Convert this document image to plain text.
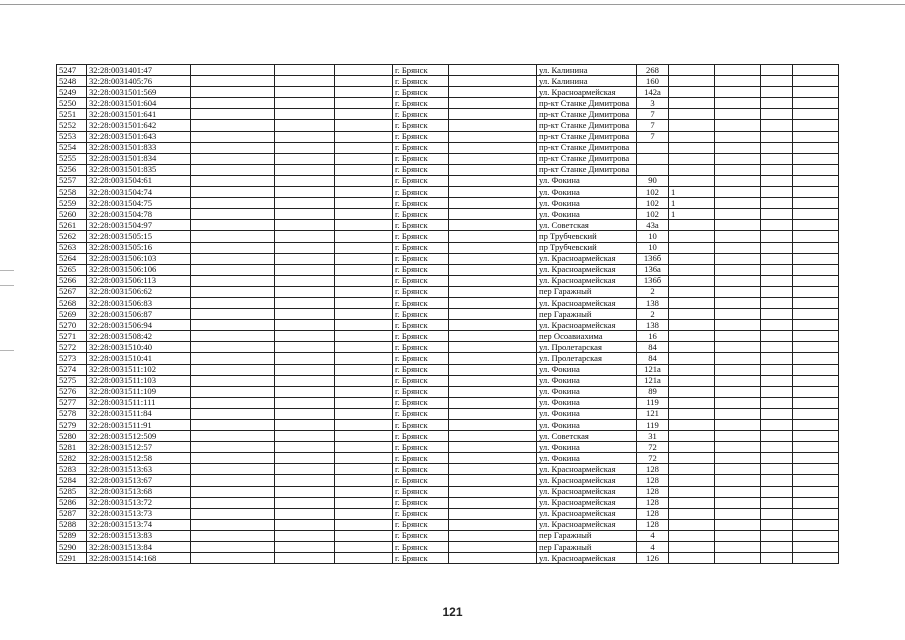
5247	32:28:0031401:47				г. Брянск		ул. Калинина	268				
5248	32:28:0031405:76				г. Брянск		ул. Калинина	160				
5249	32:28:0031501:569				г. Брянск		ул. Красноармейская	142а				
5250	32:28:0031501:604				г. Брянск		пр-кт Станке Димитрова	3				
5251	32:28:0031501:641				г. Брянск		пр-кт Станке Димитрова	7				
5252	32:28:0031501:642				г. Брянск		пр-кт Станке Димитрова	7				
5253	32:28:0031501:643				г. Брянск		пр-кт Станке Димитрова	7				
5254	32:28:0031501:833				г. Брянск		пр-кт Станке Димитрова					
5255	32:28:0031501:834				г. Брянск		пр-кт Станке Димитрова					
5256	32:28:0031501:835				г. Брянск		пр-кт Станке Димитрова					
5257	32:28:0031504:61				г. Брянск		ул. Фокина	90				
5258	32:28:0031504:74				г. Брянск		ул. Фокина	102	1			
5259	32:28:0031504:75				г. Брянск		ул. Фокина	102	1			
5260	32:28:0031504:78				г. Брянск		ул. Фокина	102	1			
5261	32:28:0031504:97				г. Брянск		ул. Советская	43а				
5262	32:28:0031505:15				г. Брянск		пр Трубчевский	10				
5263	32:28:0031505:16				г. Брянск		пр Трубчевский	10				
5264	32:28:0031506:103				г. Брянск		ул. Красноармейская	136б				
5265	32:28:0031506:106				г. Брянск		ул. Красноармейская	136а				
5266	32:28:0031506:113				г. Брянск		ул. Красноармейская	136б				
5267	32:28:0031506:62				г. Брянск		пер Гаражный	2				
5268	32:28:0031506:83				г. Брянск		ул. Красноармейская	138				
5269	32:28:0031506:87				г. Брянск		пер Гаражный	2				
5270	32:28:0031506:94				г. Брянск		ул. Красноармейская	138				
5271	32:28:0031508:42				г. Брянск		пер Осоавиахима	16				
5272	32:28:0031510:40				г. Брянск		ул. Пролетарская	84				
5273	32:28:0031510:41				г. Брянск		ул. Пролетарская	84				
5274	32:28:0031511:102				г. Брянск		ул. Фокина	121а				
5275	32:28:0031511:103				г. Брянск		ул. Фокина	121а				
5276	32:28:0031511:109				г. Брянск		ул. Фокина	89				
5277	32:28:0031511:111				г. Брянск		ул. Фокина	119				
5278	32:28:0031511:84				г. Брянск		ул. Фокина	121				
5279	32:28:0031511:91				г. Брянск		ул. Фокина	119				
5280	32:28:0031512:509				г. Брянск		ул. Советская	31				
5281	32:28:0031512:57				г. Брянск		ул. Фокина	72				
5282	32:28:0031512:58				г. Брянск		ул. Фокина	72				
5283	32:28:0031513:63				г. Брянск		ул. Красноармейская	128				
5284	32:28:0031513:67				г. Брянск		ул. Красноармейская	128				
5285	32:28:0031513:68				г. Брянск		ул. Красноармейская	128				
5286	32:28:0031513:72				г. Брянск		ул. Красноармейская	128				
5287	32:28:0031513:73				г. Брянск		ул. Красноармейская	128				
5288	32:28:0031513:74				г. Брянск		ул. Красноармейская	128				
5289	32:28:0031513:83				г. Брянск		пер Гаражный	4				
5290	32:28:0031513:84				г. Брянск		пер Гаражный	4				
5291	32:28:0031514:168				г. Брянск		ул. Красноармейская	126				
121
